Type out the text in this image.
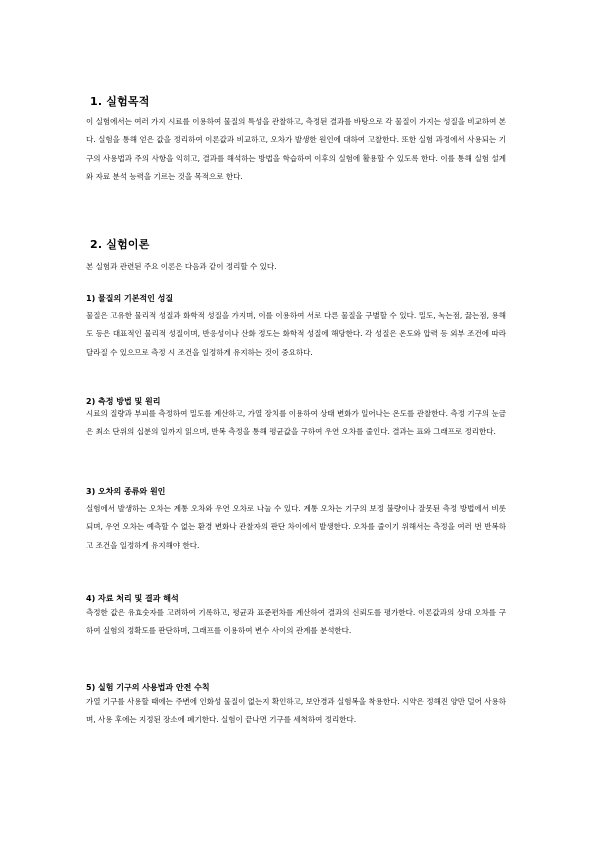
1. 실험목적

이 실험에서는 여러 가지 시료를 이용하여 물질의 특성을 관찰하고, 측정된 결과를 바탕으로 각 물질이 가지는 성질을 비교하여 본다. 실험을 통해 얻은 값을 정리하여 이론값과 비교하고, 오차가 발생한 원인에 대하여 고찰한다. 또한 실험 과정에서 사용되는 기구의 사용법과 주의 사항을 익히고, 결과를 해석하는 방법을 학습하여 이후의 실험에 활용할 수 있도록 한다. 이를 통해 실험 설계와 자료 분석 능력을 기르는 것을 목적으로 한다.

2. 실험이론
본 실험과 관련된 주요 이론은 다음과 같이 정리할 수 있다.
1) 물질의 기본적인 성질

물질은 고유한 물리적 성질과 화학적 성질을 가지며, 이를 이용하여 서로 다른 물질을 구별할 수 있다. 밀도, 녹는점, 끓는점, 용해도 등은 대표적인 물리적 성질이며, 반응성이나 산화 정도는 화학적 성질에 해당한다. 각 성질은 온도와 압력 등 외부 조건에 따라 달라질 수 있으므로 측정 시 조건을 일정하게 유지하는 것이 중요하다.

2) 측정 방법 및 원리

시료의 질량과 부피를 측정하여 밀도를 계산하고, 가열 장치를 이용하여 상태 변화가 일어나는 온도를 관찰한다. 측정 기구의 눈금은 최소 단위의 십분의 일까지 읽으며, 반복 측정을 통해 평균값을 구하여 우연 오차를 줄인다. 결과는 표와 그래프로 정리한다.

3) 오차의 종류와 원인

실험에서 발생하는 오차는 계통 오차와 우연 오차로 나눌 수 있다. 계통 오차는 기구의 보정 불량이나 잘못된 측정 방법에서 비롯되며, 우연 오차는 예측할 수 없는 환경 변화나 관찰자의 판단 차이에서 발생한다. 오차를 줄이기 위해서는 측정을 여러 번 반복하고 조건을 일정하게 유지해야 한다.

4) 자료 처리 및 결과 해석

측정한 값은 유효숫자를 고려하여 기록하고, 평균과 표준편차를 계산하여 결과의 신뢰도를 평가한다. 이론값과의 상대 오차를 구하여 실험의 정확도를 판단하며, 그래프를 이용하여 변수 사이의 관계를 분석한다.

5) 실험 기구의 사용법과 안전 수칙

가열 기구를 사용할 때에는 주변에 인화성 물질이 없는지 확인하고, 보안경과 실험복을 착용한다. 시약은 정해진 양만 덜어 사용하며, 사용 후에는 지정된 장소에 폐기한다. 실험이 끝나면 기구를 세척하여 정리한다.
